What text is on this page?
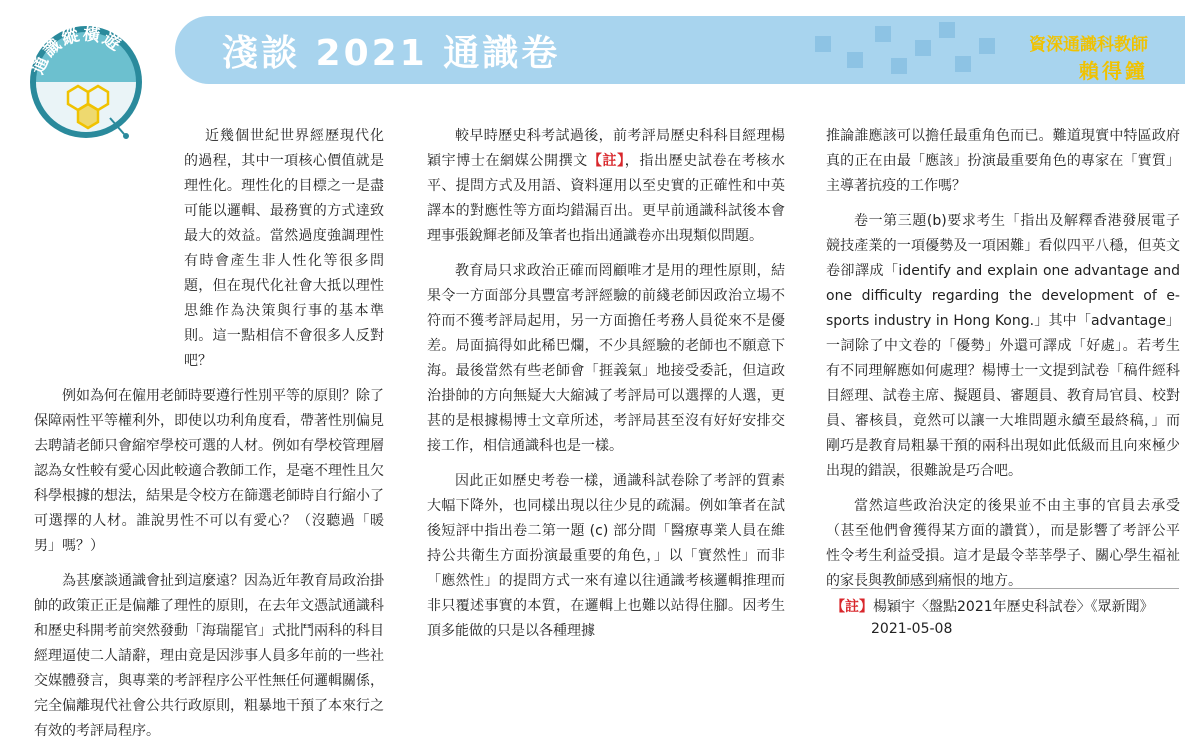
淺談 2021 通識卷	資深通識科教師
賴得鐘
通識縱橫遊

近幾個世紀世界經歷現代化的過程，其中一項核心價值就是理性化。理性化的目標之一是盡可能以邏輯、最務實的方式達致最大的效益。當然過度強調理性有時會產生非人性化等很多問題，但在現代化社會大抵以理性思維作為決策與行事的基本準則。這一點相信不會很多人反對吧？

例如為何在僱用老師時要遵行性別平等的原則？除了保障兩性平等權利外，即使以功利角度看，帶著性別偏見去聘請老師只會縮窄學校可選的人材。例如有學校管理層認為女性較有愛心因此較適合教師工作，是毫不理性且欠科學根據的想法，結果是令校方在篩選老師時自行縮小了可選擇的人材。誰說男性不可以有愛心？（沒聽過「暖男」嗎？）

為甚麼談通識會扯到這麼遠？因為近年教育局政治掛帥的政策正正是偏離了理性的原則，在去年文憑試通識科和歷史科開考前突然發動「海瑞罷官」式批鬥兩科的科目經理逼使二人請辭，理由竟是因涉事人員多年前的一些社交媒體發言，與專業的考評程序公平性無任何邏輯關係，完全偏離現代社會公共行政原則，粗暴地干預了本來行之有效的考評局程序。

較早時歷史科考試過後，前考評局歷史科科目經理楊穎宇博士在網媒公開撰文【註】，指出歷史試卷在考核水平、提問方式及用語、資料運用以至史實的正確性和中英譯本的對應性等方面均錯漏百出。更早前通識科試後本會理事張銳輝老師及筆者也指出通識卷亦出現類似問題。

教育局只求政治正確而罔顧唯才是用的理性原則，結果令一方面部分具豐富考評經驗的前綫老師因政治立場不符而不獲考評局起用，另一方面擔任考務人員從來不是優差。局面搞得如此稀巴爛，不少具經驗的老師也不願意下海。最後當然有些老師會「捱義氣」地接受委託，但這政治掛帥的方向無疑大大縮減了考評局可以選擇的人選，更甚的是根據楊博士文章所述，考評局甚至沒有好好安排交接工作，相信通識科也是一樣。

因此正如歷史考卷一樣，通識科試卷除了考評的質素大幅下降外，也同樣出現以往少見的疏漏。例如筆者在試後短評中指出卷二第一題 (c) 部分間「醫療專業人員在維持公共衛生方面扮演最重要的角色，」以「實然性」而非「應然性」的提問方式一來有違以往通識考核邏輯推理而非只覆述事實的本質，在邏輯上也難以站得住腳。因考生頂多能做的只是以各種理據

推論誰應該可以擔任最重角色而已。難道現實中特區政府真的正在由最「應該」扮演最重要角色的專家在「實質」主導著抗疫的工作嗎？

卷一第三題(b)要求考生「指出及解釋香港發展電子競技產業的一項優勢及一項困難」看似四平八穩，但英文卷卻譯成「identify and explain one advantage and one difficulty regarding the development of e-sports industry in Hong Kong.」其中「advantage」一詞除了中文卷的「優勢」外還可譯成「好處」。若考生有不同理解應如何處理？楊博士一文提到試卷「稿件經科目經理、試卷主席、擬題員、審題員、教育局官員、校對員、審核員，竟然可以讓一大堆問題永續至最終稿，」而剛巧是教育局粗暴干預的兩科出現如此低級而且向來極少出現的錯誤，很難說是巧合吧。

當然這些政治決定的後果並不由主事的官員去承受（甚至他們會獲得某方面的讚賞），而是影響了考評公平性令考生利益受損。這才是最令莘莘學子、關心學生福祉的家長與教師感到痛恨的地方。

【註】楊穎宇〈盤點2021年歷史科試卷〉《眾新聞》
2021-05-08
